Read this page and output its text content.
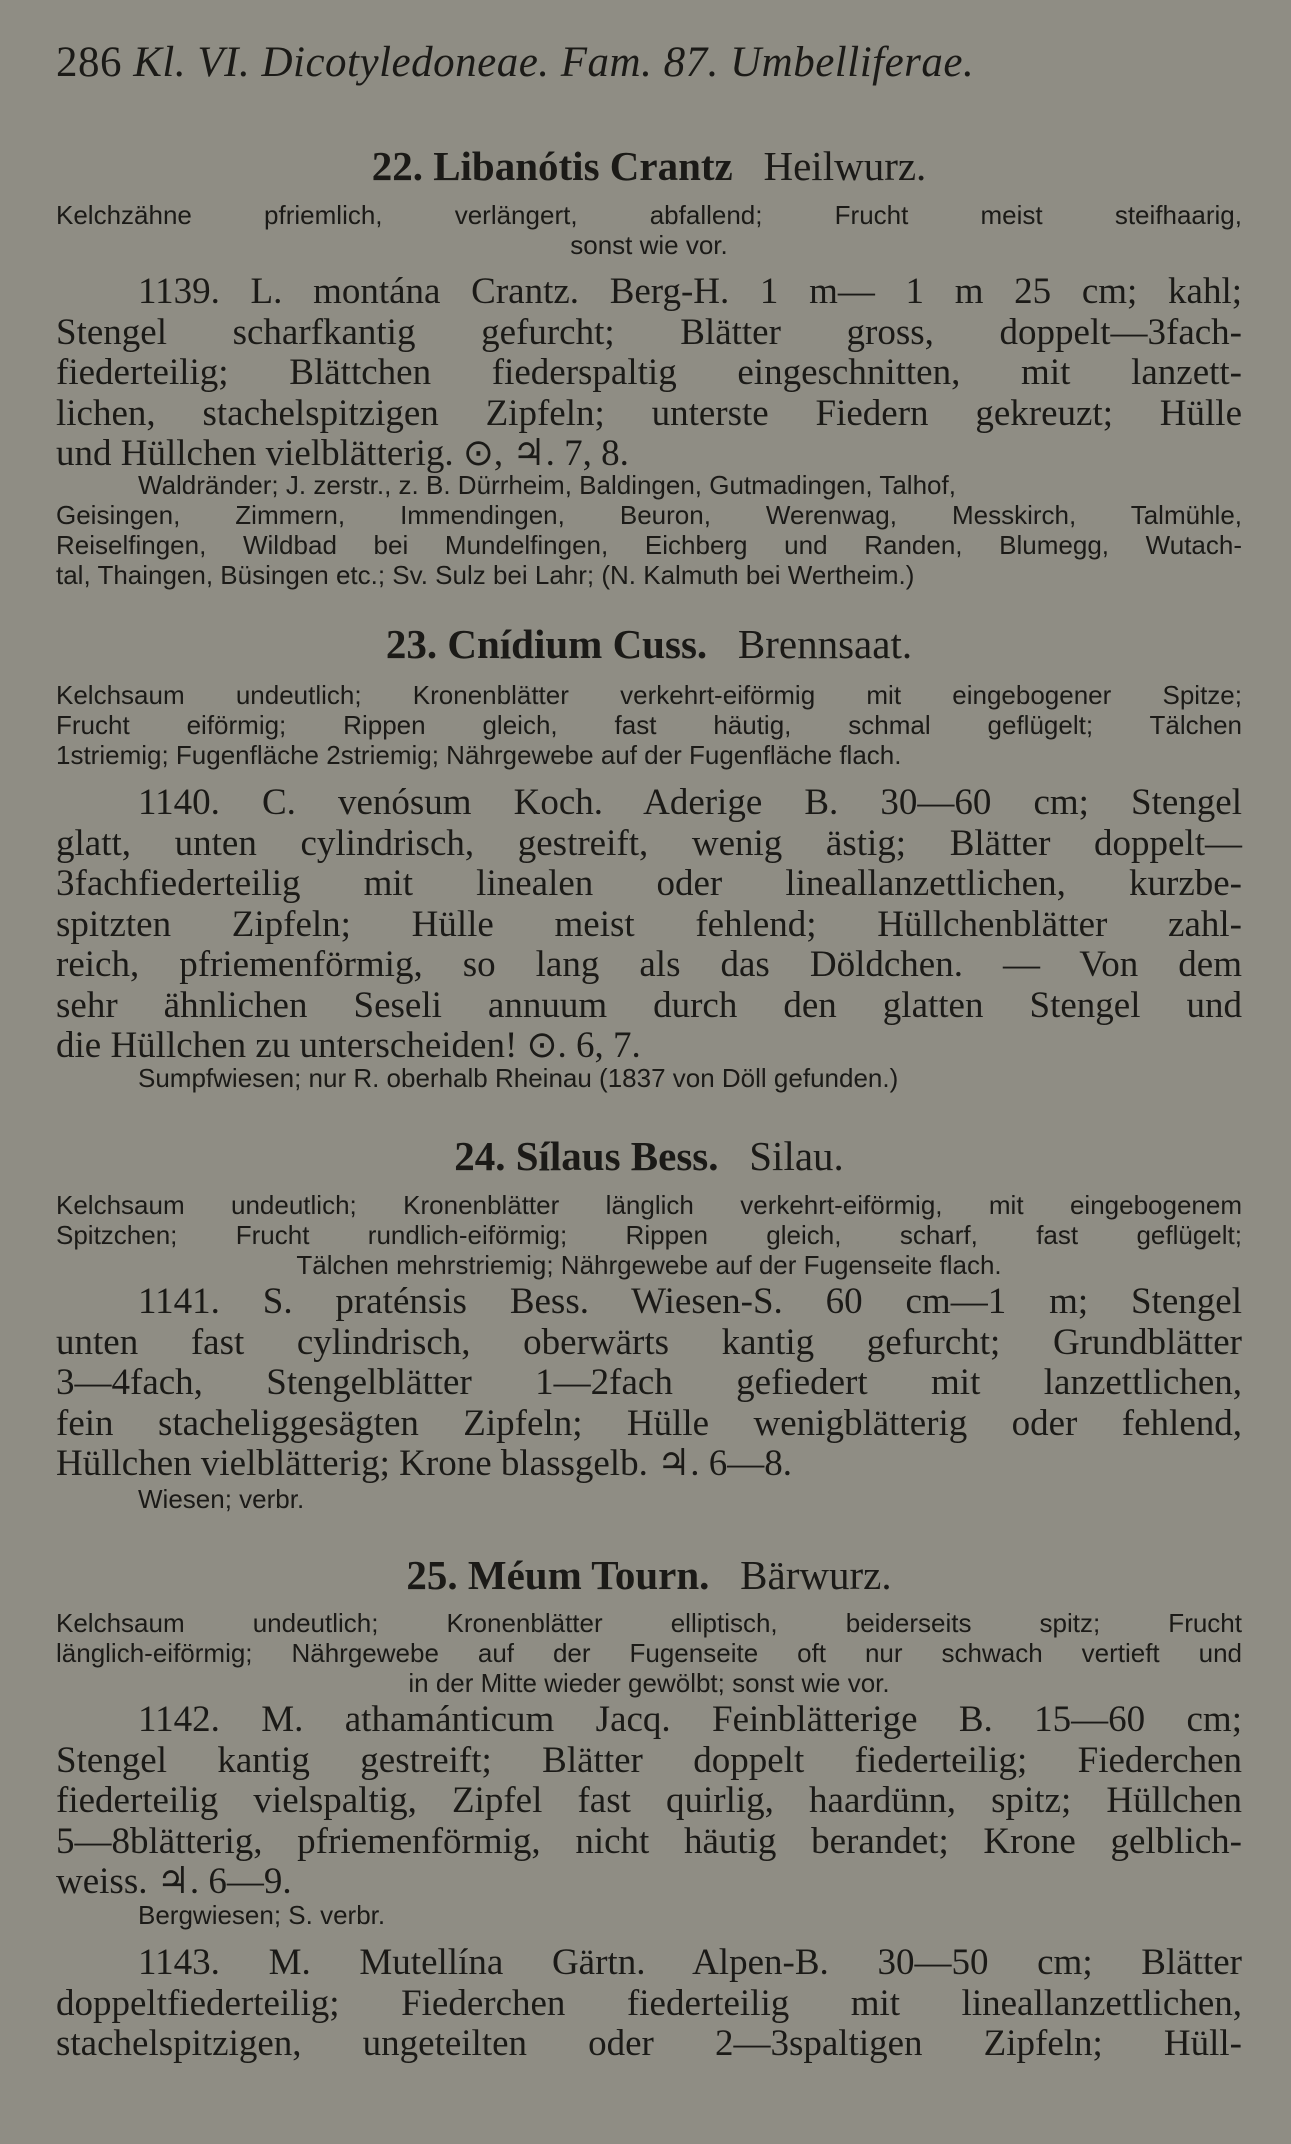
286 Kl. VI. Dicotyledoneae. Fam. 87. Umbelliferae.
22. Libanótis Crantz Heilwurz.
Kelchzähne pfriemlich, verlängert, abfallend; Frucht meist steifhaarig,
sonst wie vor.
1139. L. montána Crantz. Berg-H. 1 m— 1 m 25 cm; kahl;
Stengel scharfkantig gefurcht; Blätter gross, doppelt—3fach-
fiederteilig; Blättchen fiederspaltig eingeschnitten, mit lanzett-
lichen, stachelspitzigen Zipfeln; unterste Fiedern gekreuzt; Hülle
und Hüllchen vielblätterig. ⊙, ♃. 7, 8.
Waldränder; J. zerstr., z. B. Dürrheim, Baldingen, Gutmadingen, Talhof,
Geisingen, Zimmern, Immendingen, Beuron, Werenwag, Messkirch, Talmühle,
Reiselfingen, Wildbad bei Mundelfingen, Eichberg und Randen, Blumegg, Wutach-
tal, Thaingen, Büsingen etc.; Sv. Sulz bei Lahr; (N. Kalmuth bei Wertheim.)
23. Cnídium Cuss. Brennsaat.
Kelchsaum undeutlich; Kronenblätter verkehrt-eiförmig mit eingebogener Spitze;
Frucht eiförmig; Rippen gleich, fast häutig, schmal geflügelt; Tälchen
1striemig; Fugenfläche 2striemig; Nährgewebe auf der Fugenfläche flach.
1140. C. venósum Koch. Aderige B. 30—60 cm; Stengel
glatt, unten cylindrisch, gestreift, wenig ästig; Blätter doppelt—
3fachfiederteilig mit linealen oder lineallanzettlichen, kurzbe-
spitzten Zipfeln; Hülle meist fehlend; Hüllchenblätter zahl-
reich, pfriemenförmig, so lang als das Döldchen. — Von dem
sehr ähnlichen Seseli annuum durch den glatten Stengel und
die Hüllchen zu unterscheiden! ⊙. 6, 7.
Sumpfwiesen; nur R. oberhalb Rheinau (1837 von Döll gefunden.)
24. Sílaus Bess. Silau.
Kelchsaum undeutlich; Kronenblätter länglich verkehrt-eiförmig, mit eingebogenem
Spitzchen; Frucht rundlich-eiförmig; Rippen gleich, scharf, fast geflügelt;
Tälchen mehrstriemig; Nährgewebe auf der Fugenseite flach.
1141. S. praténsis Bess. Wiesen-S. 60 cm—1 m; Stengel
unten fast cylindrisch, oberwärts kantig gefurcht; Grundblätter
3—4fach, Stengelblätter 1—2fach gefiedert mit lanzettlichen,
fein stacheliggesägten Zipfeln; Hülle wenigblätterig oder fehlend,
Hüllchen vielblätterig; Krone blassgelb. ♃. 6—8.
Wiesen; verbr.
25. Méum Tourn. Bärwurz.
Kelchsaum undeutlich; Kronenblätter elliptisch, beiderseits spitz; Frucht
länglich-eiförmig; Nährgewebe auf der Fugenseite oft nur schwach vertieft und
in der Mitte wieder gewölbt; sonst wie vor.
1142. M. athamánticum Jacq. Feinblätterige B. 15—60 cm;
Stengel kantig gestreift; Blätter doppelt fiederteilig; Fiederchen
fiederteilig vielspaltig, Zipfel fast quirlig, haardünn, spitz; Hüllchen
5—8blätterig, pfriemenförmig, nicht häutig berandet; Krone gelblich-
weiss. ♃. 6—9.
Bergwiesen; S. verbr.
1143. M. Mutellína Gärtn. Alpen-B. 30—50 cm; Blätter
doppeltfiederteilig; Fiederchen fiederteilig mit lineallanzettlichen,
stachelspitzigen, ungeteilten oder 2—3spaltigen Zipfeln; Hüll-
